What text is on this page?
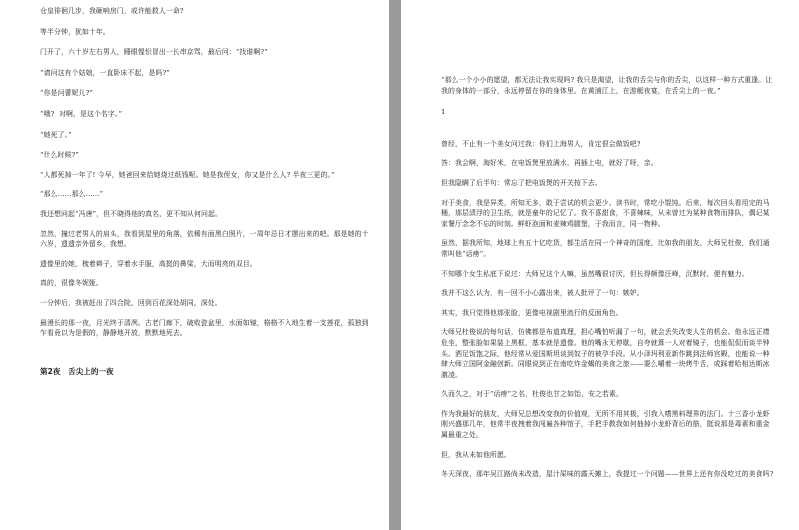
仓皇徘徊几步，我砸响房门，或许能救人一命?

等半分钟，犹如十年。

门开了，六十岁左右男人，睡眼惺忪冒出一长串京骂，最后问：“找谁啊?”

“请问这有个姑娘，一直卧床不起，是吗?”

“你是问蕾妮儿?”

“哦?  对啊，是这个名字。”

“她死了。”

“什么时候?”

“人都死掉一年了! 今早，她爸回来给她烧过纸钱呢。她是我侄女，你又是什么人? 半夜三更的。”

“那么……那么……”

我还想问起“冯唐”，但不晓得他的真名，更不知从何问起。

忽然，撞过老男人的肩头，我看到屋里的角落，依稀有面黑白照片，一周年忌日才摆出来的吧。那是她的十六岁，遗遗亲外留乡，我想。

遗像里的她，梳着辫子，穿着水手服，高挺的鼻梁，大而明亮的双目。

真的，很像冬妮娅。

一分钟后，我被赶出了四合院，回到百花深处胡同，深处。

最漫长的那一夜，月光终于清冽。古老门廊下，破败瓷盆里，水面如镜，格格不入地生着一支莲花，孤独到乍看竟以为是假的，静静地开放，默默地死去。

第2夜　舌尖上的一夜

“那么一个小小的愿望，都无法让我实现吗? 我只是渴望，让我的舌尖与你的舌尖，以这样一种方式重逢。让我的身体的一部分，永远停留在你的身体里。在黄浦江上，在游艇夜宴，在舌尖上的一夜。”

1

曾经，不止有一个美女问过我：你们上海男人，肯定很会做饭吧?

答：我会啊，淘好米，在电饭煲里放满水，再插上电，就好了呀，亲。

但我隐瞒了后半句：常忘了把电饭煲的开关按下去。

对于美食，我是异类，所知无多，敢于尝试的机会更少。读书时，常吃小馄饨。后来，每次回头看用完的马桶，那层渍浮的卫生纸，就是童年的记忆了。我不喜甜食，不喜辣味，从未曾过为某种食物而排队，偶记某家餐厅念念不忘的时刻。鲜虾泡面和麦辣鸡腿堡，于我而言，同一物种。

虽然，据我所知，地球上有五十亿吃货，都生活在同一个神奇的国度，比如我的朋友，大师兄杜俊，我们通常叫他“话痨”。

不知哪个女生私底下说过：大师兄这个人嘛，虽然嘴很讨厌，但长得颇像汪峰，沉默时，便有魅力。

我并不这么认为，有一回不小心露出来，被人批评了一句：嫉妒。

其实，我只觉得他那张脸，更像电视剧里流行的反面角色。

大师兄杜俊说的每句话，仿佛都是布道真理，担心嘴怕听漏了一句，就会丢失改变人生的机会。他永远正襟危坐，整张脸如果装上黑框，基本就是遗像。他的嘴永无停歇，自夸就算一人对着镜子，也能侃侃而谈半钟头。洒足饭饱之际，他经常从爱国斯坦谈到奴子的被孕手段。从小泽玛利亚新作跳到法师宫殿，也能说一种肆大师立国阿金融创新。同眼说到正在南吃炸金蝎的美食之旅——要么嚼着一块烤牛舌，或踩着哈相达斯冰激凌。

久而久之，对于“话痨”之名，杜俊也甘之如饴，安之若素。

作为我最好的朋友，大师兄总想改变我的价值观，无所不用其极，引我入嗜黑料理界的法门。十三香小龙虾刚兴盛那几年，他常半夜拽着我闯遍各种馆子，手把手教我如何抽掉小龙虾背后的筋，挺说那是毒素和重金属最重之处。

但，我从未如他所愿。

冬天深夜，那年吴江路尚未改造，屋汁屎味的露天摊上，我提过一个问题——世界上还有你没吃过的美食吗?
